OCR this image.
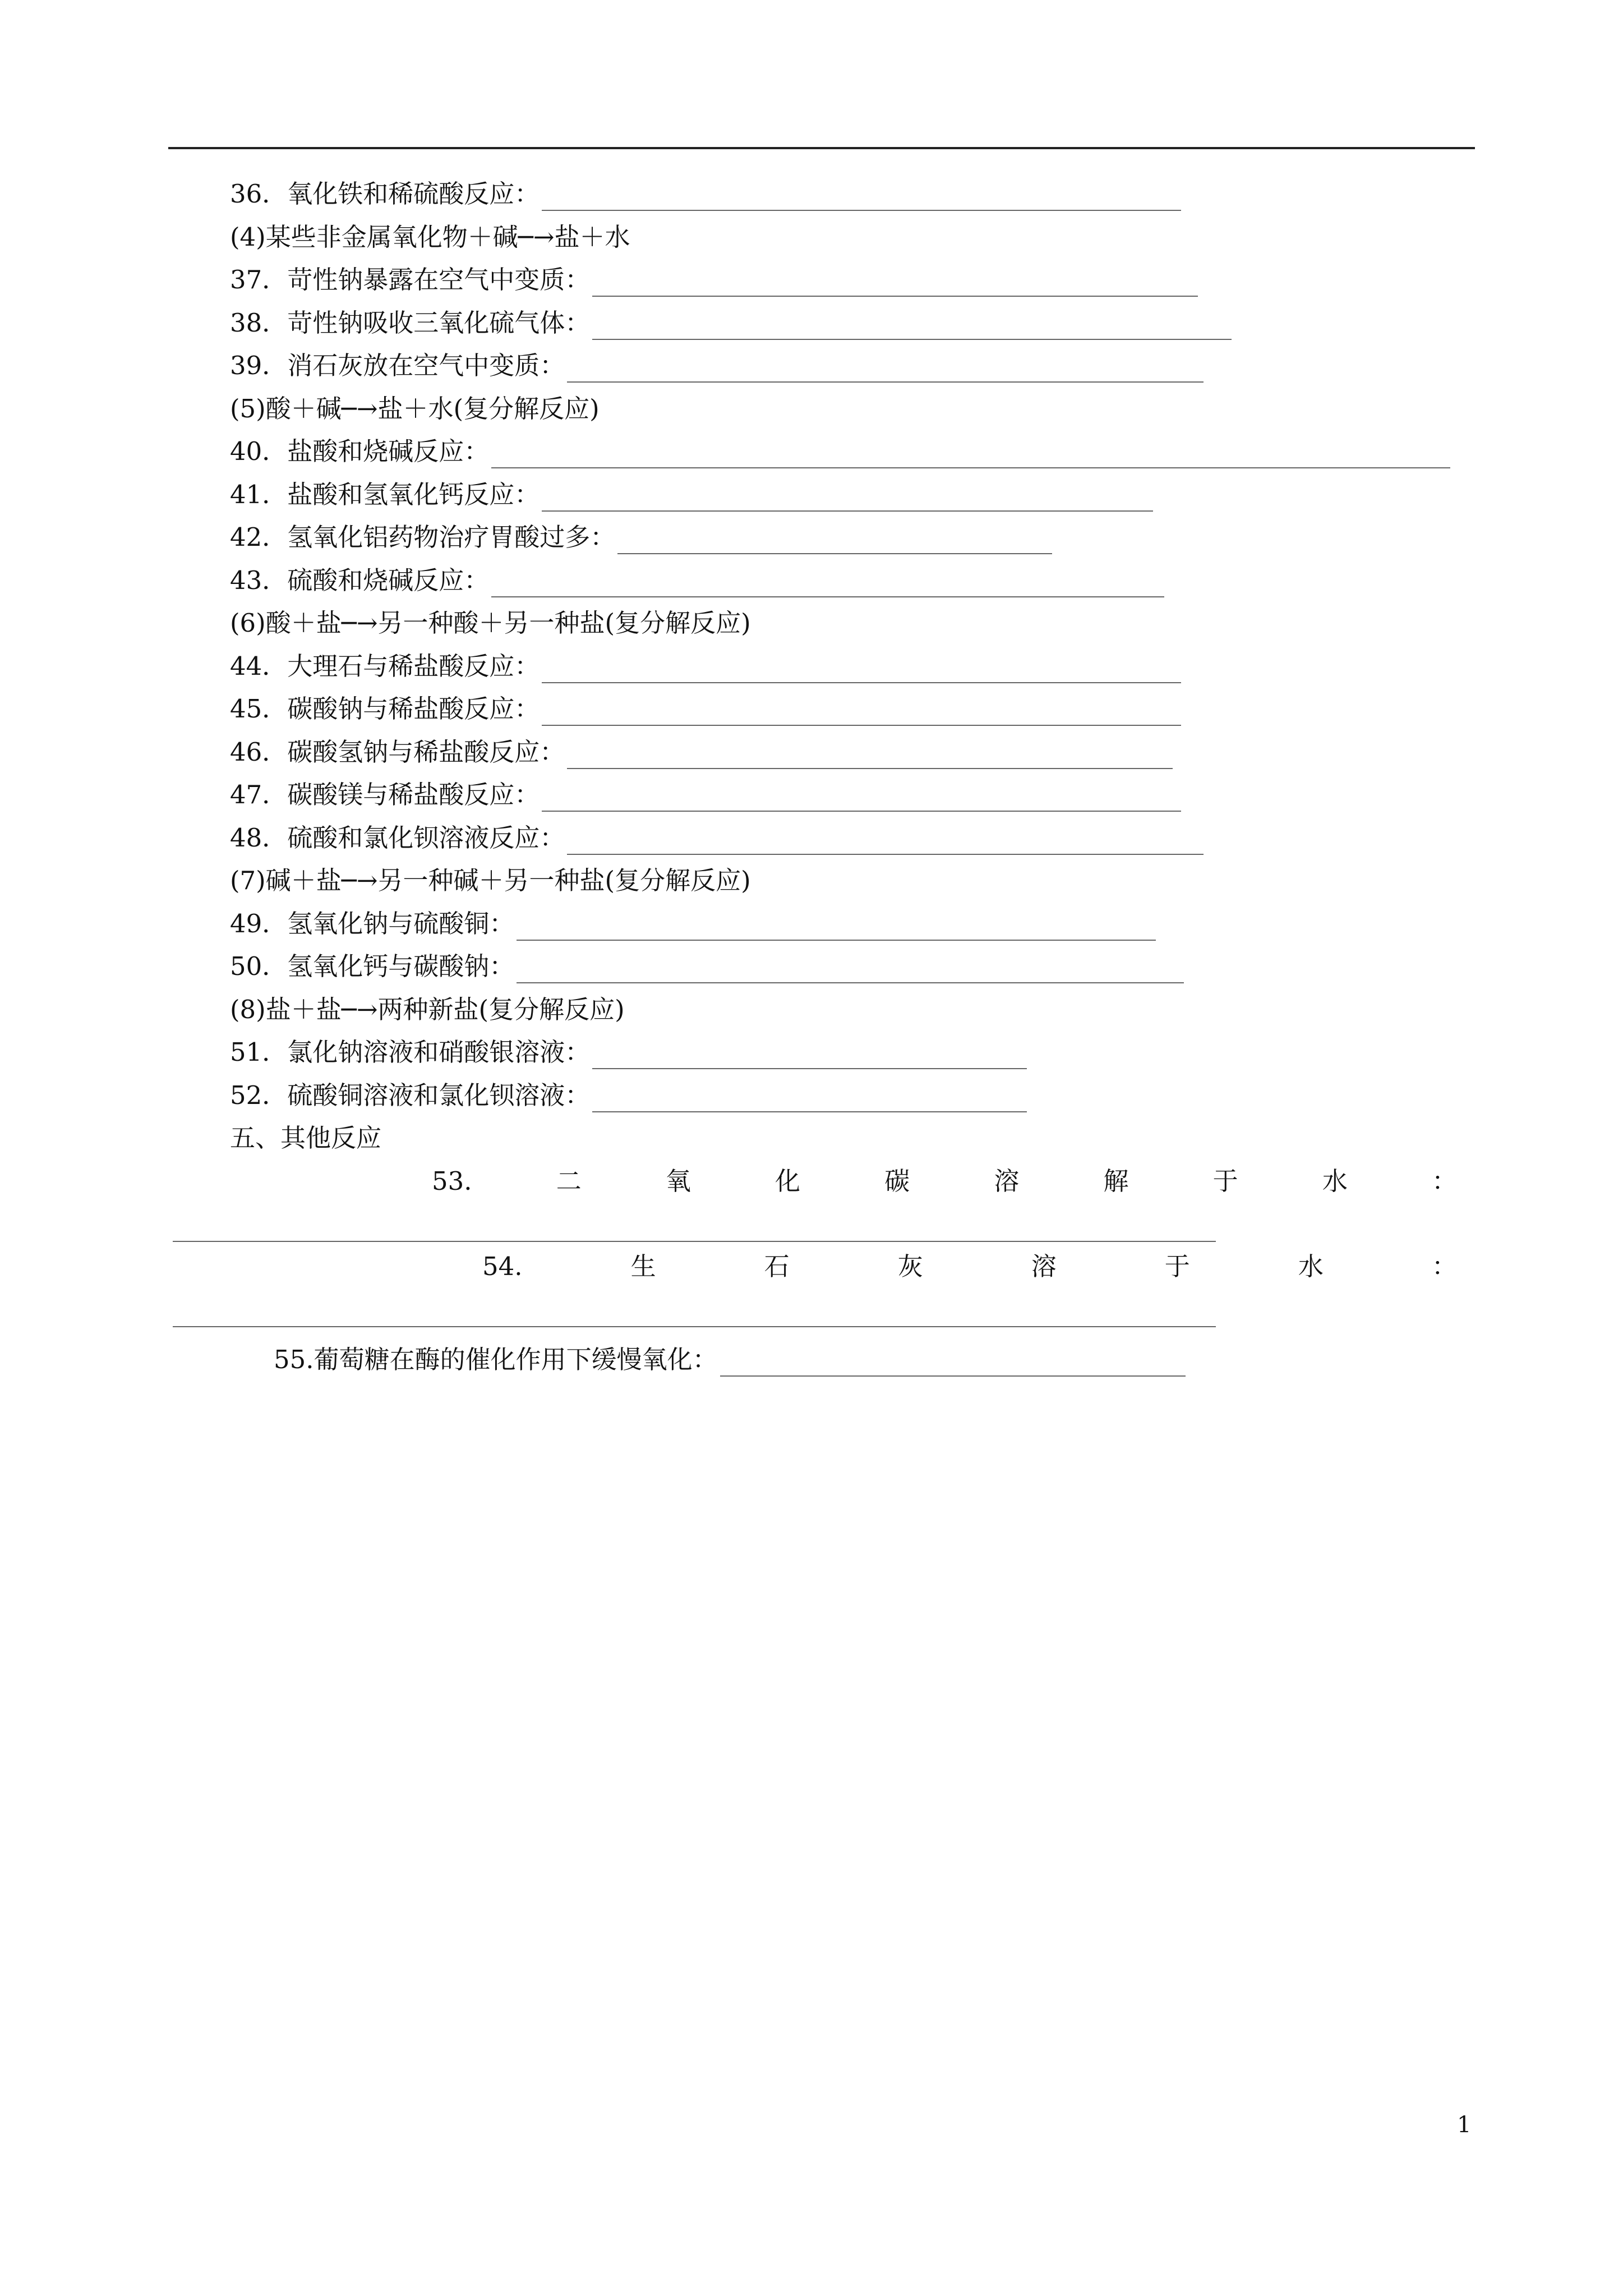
36．氧化铁和稀硫酸反应：
(4)某些非金属氧化物＋碱─→盐＋水
37．苛性钠暴露在空气中变质：
38．苛性钠吸收三氧化硫气体：
39．消石灰放在空气中变质：
(5)酸＋碱─→盐＋水(复分解反应)
40．盐酸和烧碱反应：
41．盐酸和氢氧化钙反应：
42．氢氧化铝药物治疗胃酸过多：
43．硫酸和烧碱反应：
(6)酸＋盐─→另一种酸＋另一种盐(复分解反应)
44．大理石与稀盐酸反应：
45．碳酸钠与稀盐酸反应：
46．碳酸氢钠与稀盐酸反应：
47．碳酸镁与稀盐酸反应：
48．硫酸和氯化钡溶液反应：
(7)碱＋盐─→另一种碱＋另一种盐(复分解反应)
49．氢氧化钠与硫酸铜：
50．氢氧化钙与碳酸钠：
(8)盐＋盐─→两种新盐(复分解反应)
51．氯化钠溶液和硝酸银溶液：
52．硫酸铜溶液和氯化钡溶液：
五、其他反应
53.	二	氧	化	碳	溶	解	于	水	：
54.	生	石	灰	溶	于	水	：
55.葡萄糖在酶的催化作用下缓慢氧化：
1
